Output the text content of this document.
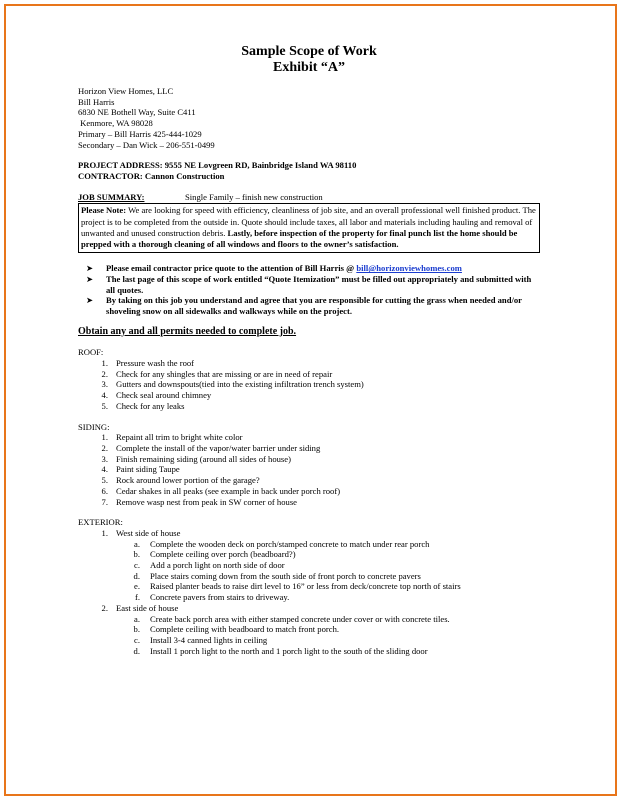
Sample Scope of Work
Exhibit “A”
Horizon View Homes, LLC
Bill Harris
6830 NE Bothell Way, Suite C411
Kenmore, WA 98028
Primary – Bill Harris 425-444-1029
Secondary – Dan Wick – 206-551-0499
PROJECT ADDRESS: 9555 NE Lovgreen RD, Bainbridge Island WA 98110
CONTRACTOR: Cannon Construction
JOB SUMMARY:	Single Family – finish new construction
Please Note: We are looking for speed with efficiency, cleanliness of job site, and an overall professional well finished product. The project is to be completed from the outside in. Quote should include taxes, all labor and materials including hauling and removal of unwanted and unused construction debris. Lastly, before inspection of the property for final punch list the home should be prepped with a thorough cleaning of all windows and floors to the owner’s satisfaction.
➤	Please email contractor price quote to the attention of Bill Harris @ bill@horizonviewhomes.com
➤	The last page of this scope of work entitled “Quote Itemization” must be filled out appropriately and submitted with all quotes.
➤	By taking on this job you understand and agree that you are responsible for cutting the grass when needed and/or shoveling snow on all sidewalks and walkways while on the project.
Obtain any and all permits needed to complete job.
ROOF:
1. Pressure wash the roof
2. Check for any shingles that are missing or are in need of repair
3. Gutters and downspouts(tied into the existing infiltration trench system)
4. Check seal around chimney
5. Check for any leaks
SIDING:
1. Repaint all trim to bright white color
2. Complete the install of the vapor/water barrier under siding
3. Finish remaining siding (around all sides of house)
4. Paint siding Taupe
5. Rock around lower portion of the garage?
6. Cedar shakes in all peaks (see example in back under porch roof)
7. Remove wasp nest from peak in SW corner of house
EXTERIOR:
1. West side of house
a.	Complete the wooden deck on porch/stamped concrete to match under rear porch
b.	Complete ceiling over porch (beadboard?)
c.	Add a porch light on north side of door
d.	Place stairs coming down from the south side of front porch to concrete pavers
e.	Raised planter beads to raise dirt level to 16” or less from deck/concrete top north of stairs
f.	Concrete pavers from stairs to driveway.
2. East side of house
a.	Create back porch area with either stamped concrete under cover or with concrete tiles.
b.	Complete ceiling with beadboard to match front porch.
c.	Install 3-4 canned lights in ceiling
d.	Install 1 porch light to the north and 1 porch light to the south of the sliding door
